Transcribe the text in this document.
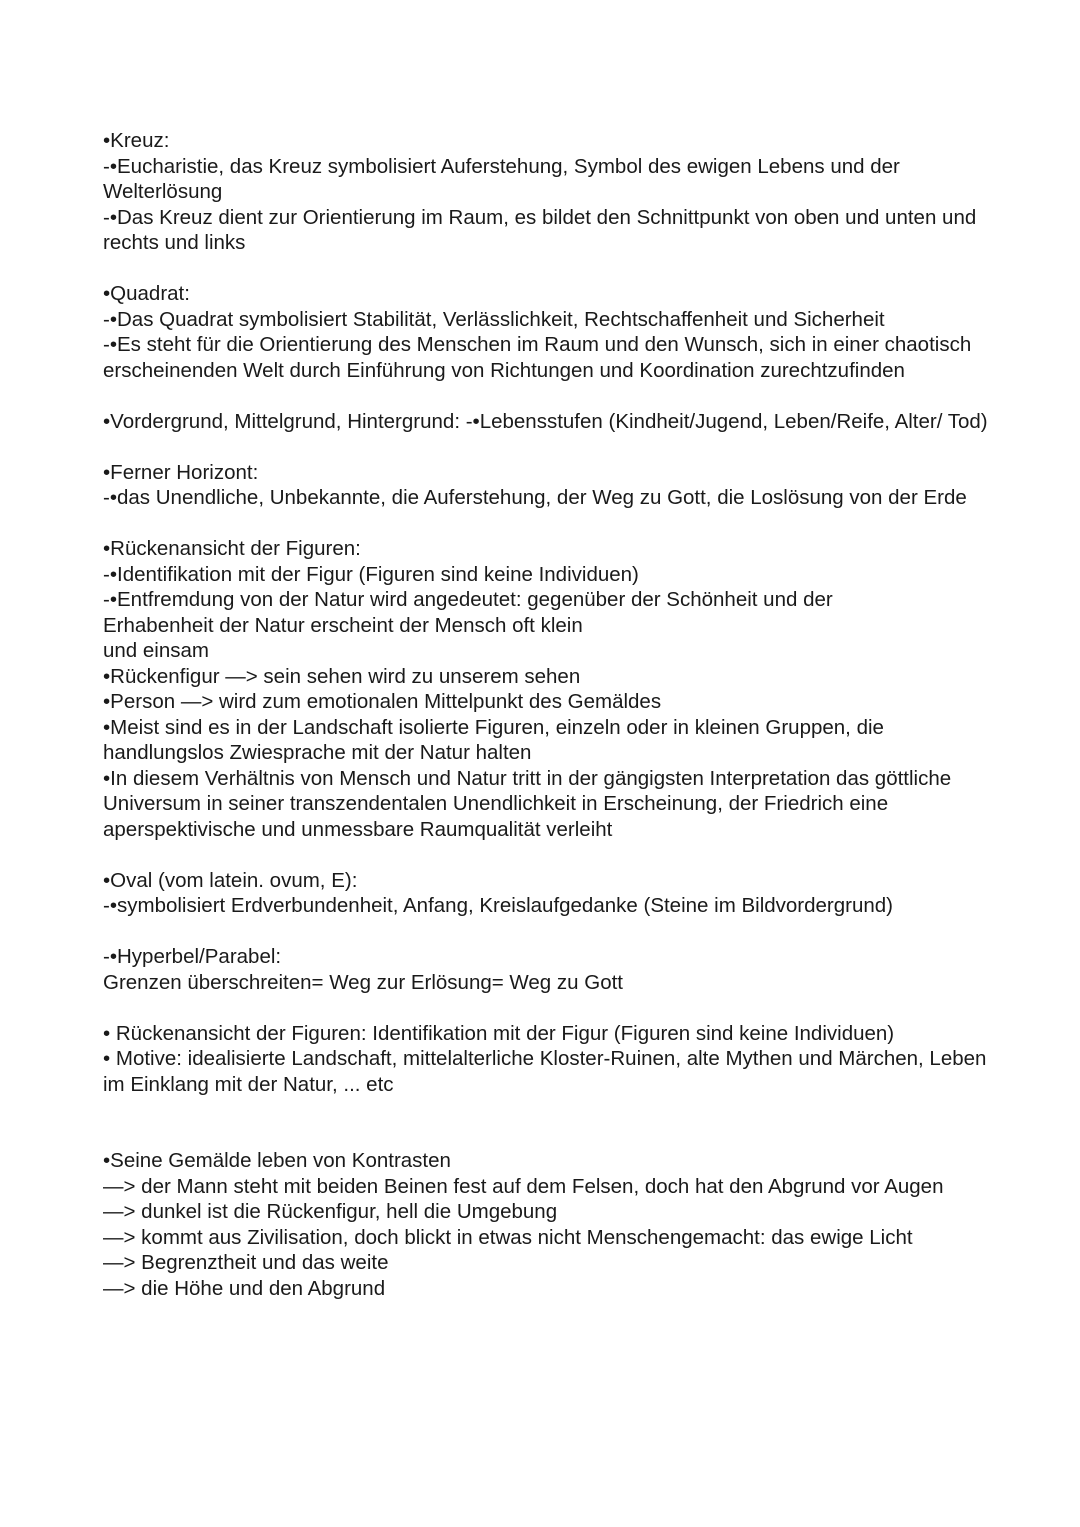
•Kreuz:

-•Eucharistie, das Kreuz symbolisiert Auferstehung, Symbol des ewigen Lebens und der Welterlösung

-•Das Kreuz dient zur Orientierung im Raum, es bildet den Schnittpunkt von oben und unten und rechts und links

•Quadrat:

-•Das Quadrat symbolisiert Stabilität, Verlässlichkeit, Rechtschaffenheit und Sicherheit

-•Es steht für die Orientierung des Menschen im Raum und den Wunsch, sich in einer chaotisch erscheinenden Welt durch Einführung von Richtungen und Koordination zurechtzufinden

•Vordergrund, Mittelgrund, Hintergrund: -•Lebensstufen (Kindheit/Jugend, Leben/Reife, Alter/ Tod)

•Ferner Horizont:

-•das Unendliche, Unbekannte, die Auferstehung, der Weg zu Gott, die Loslösung von der Erde

•Rückenansicht der Figuren:

-•Identifikation mit der Figur (Figuren sind keine Individuen)

-•Entfremdung von der Natur wird angedeutet: gegenüber der Schönheit und der Erhabenheit der Natur erscheint der Mensch oft klein

und einsam

•Rückenfigur —> sein sehen wird zu unserem sehen

•Person —> wird zum emotionalen Mittelpunkt des Gemäldes

•Meist sind es in der Landschaft isolierte Figuren, einzeln oder in kleinen Gruppen, die handlungslos Zwiesprache mit der Natur halten

•In diesem Verhältnis von Mensch und Natur tritt in der gängigsten Interpretation das göttliche Universum in seiner transzendentalen Unendlichkeit in Erscheinung, der Friedrich eine aperspektivische und unmessbare Raumqualität verleiht

•Oval (vom latein. ovum, E):

-•symbolisiert Erdverbundenheit, Anfang, Kreislaufgedanke (Steine im Bildvordergrund)

-•Hyperbel/Parabel:

Grenzen überschreiten= Weg zur Erlösung= Weg zu Gott

• Rückenansicht der Figuren: Identifikation mit der Figur (Figuren sind keine Individuen)

• Motive: idealisierte Landschaft, mittelalterliche Kloster-Ruinen, alte Mythen und Märchen, Leben im Einklang mit der Natur, ... etc

•Seine Gemälde leben von Kontrasten

—> der Mann steht mit beiden Beinen fest auf dem Felsen, doch hat den Abgrund vor Augen

—> dunkel ist die Rückenfigur, hell die Umgebung

—> kommt aus Zivilisation, doch blickt in etwas nicht Menschengemacht: das ewige Licht

—> Begrenztheit und das weite

—> die Höhe und den Abgrund
